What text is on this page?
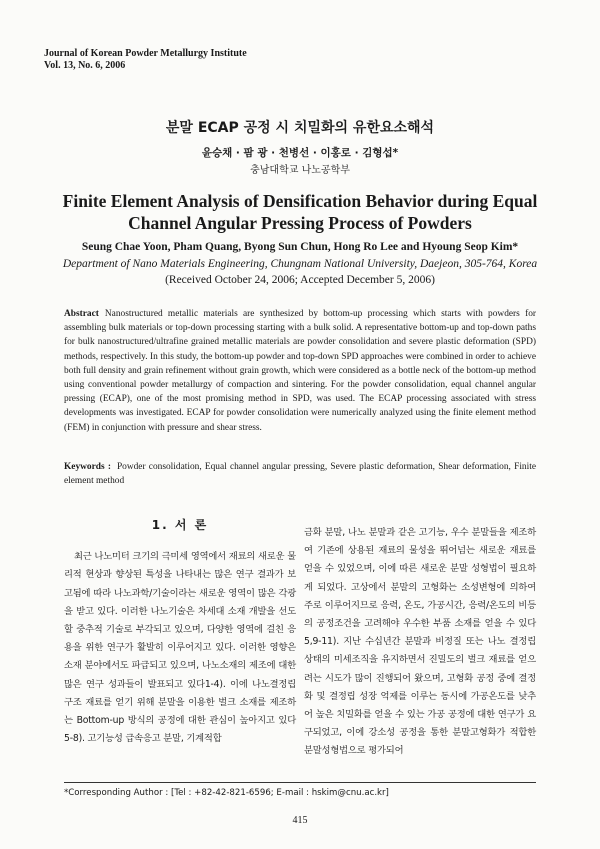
Journal of Korean Powder Metallurgy Institute
Vol. 13, No. 6, 2006
분말 ECAP 공정 시 치밀화의 유한요소해석
윤승채 · 팜 광 · 천병선 · 이홍로 · 김형섭*
충남대학교 나노공학부
Finite Element Analysis of Densification Behavior during Equal Channel Angular Pressing Process of Powders
Seung Chae Yoon, Pham Quang, Byong Sun Chun, Hong Ro Lee and Hyoung Seop Kim*
Department of Nano Materials Engineering, Chungnam National University, Daejeon, 305-764, Korea
(Received October 24, 2006; Accepted December 5, 2006)
Abstract Nanostructured metallic materials are synthesized by bottom-up processing which starts with powders for assembling bulk materials or top-down processing starting with a bulk solid. A representative bottom-up and top-down paths for bulk nanostructured/ultrafine grained metallic materials are powder consolidation and severe plastic deformation (SPD) methods, respectively. In this study, the bottom-up powder and top-down SPD approaches were combined in order to achieve both full density and grain refinement without grain growth, which were considered as a bottle neck of the bottom-up method using conventional powder metallurgy of compaction and sintering. For the powder consolidation, equal channel angular pressing (ECAP), one of the most promising method in SPD, was used. The ECAP processing associated with stress developments was investigated. ECAP for powder consolidation were numerically analyzed using the finite element method (FEM) in conjunction with pressure and shear stress.
Keywords : Powder consolidation, Equal channel angular pressing, Severe plastic deformation, Shear deformation, Finite element method
1. 서 론

최근 나노미터 크기의 극미세 영역에서 재료의 새로운 물리적 현상과 향상된 특성을 나타내는 많은 연구 결과가 보고됨에 따라 나노과학/기술이라는 새로운 영역이 많은 각광을 받고 있다. 이러한 나노기술은 차세대 소재 개발을 선도할 중추적 기술로 부각되고 있으며, 다양한 영역에 걸친 응용을 위한 연구가 활발히 이루어지고 있다. 이러한 영향은 소재 분야에서도 파급되고 있으며, 나노소재의 제조에 대한 많은 연구 성과들이 발표되고 있다1-4). 이에 나노결정립 구조 재료를 얻기 위해 분말을 이용한 벌크 소재를 제조하는 Bottom-up 방식의 공정에 대한 관심이 높아지고 있다5-8). 고기능성 급속응고 분말, 기계적합

금화 분말, 나노 분말과 같은 고기능, 우수 분말들을 제조하여 기존에 상용된 재료의 물성을 뛰어넘는 새로운 재료를 얻을 수 있었으며, 이에 따른 새로운 분말 성형법이 필요하게 되었다. 고상에서 분말의 고형화는 소성변형에 의하여 주로 이루어지므로 응력, 온도, 가공시간, 응력/온도의 비등의 공정조건을 고려해야 우수한 부품 소재를 얻을 수 있다5,9-11). 지난 수십년간 분말과 비정질 또는 나노 결정립 상태의 미세조직을 유지하면서 진밀도의 벌크 재료를 얻으려는 시도가 많이 진행되어 왔으며, 고형화 공정 중에 결정화 및 결정립 성장 억제를 이루는 동시에 가공온도를 낮추어 높은 치밀화를 얻을 수 있는 가공 공정에 대한 연구가 요구되었고, 이에 강소성 공정을 통한 분말고형화가 적합한 분말성형법으로 평가되어

*Corresponding Author : [Tel : +82-42-821-6596; E-mail : hskim@cnu.ac.kr]
415
